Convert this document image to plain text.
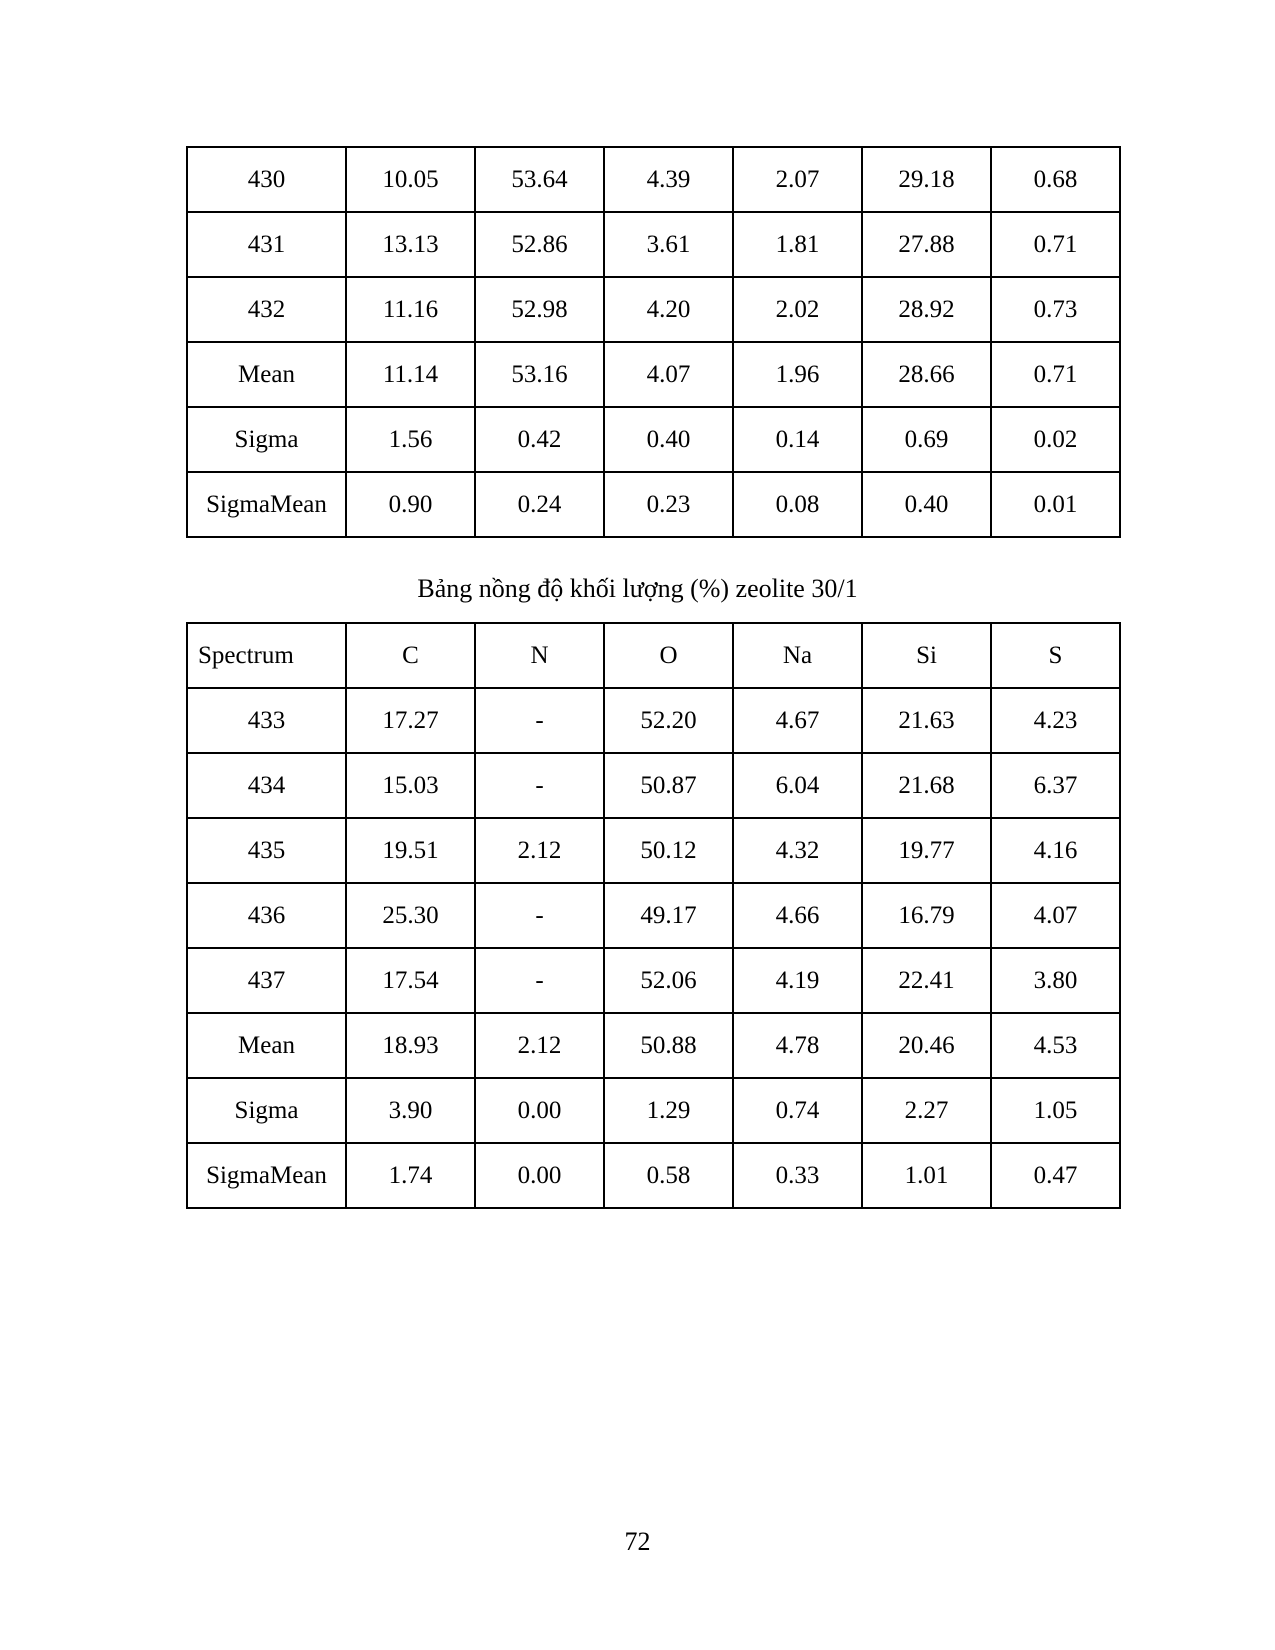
430	10.05	53.64	4.39	2.07	29.18	0.68
431	13.13	52.86	3.61	1.81	27.88	0.71
432	11.16	52.98	4.20	2.02	28.92	0.73
Mean	11.14	53.16	4.07	1.96	28.66	0.71
Sigma	1.56	0.42	0.40	0.14	0.69	0.02
SigmaMean	0.90	0.24	0.23	0.08	0.40	0.01
Bảng nồng độ khối lượng (%) zeolite 30/1
Spectrum	C	N	O	Na	Si	S
433	17.27	-	52.20	4.67	21.63	4.23
434	15.03	-	50.87	6.04	21.68	6.37
435	19.51	2.12	50.12	4.32	19.77	4.16
436	25.30	-	49.17	4.66	16.79	4.07
437	17.54	-	52.06	4.19	22.41	3.80
Mean	18.93	2.12	50.88	4.78	20.46	4.53
Sigma	3.90	0.00	1.29	0.74	2.27	1.05
SigmaMean	1.74	0.00	0.58	0.33	1.01	0.47
72
